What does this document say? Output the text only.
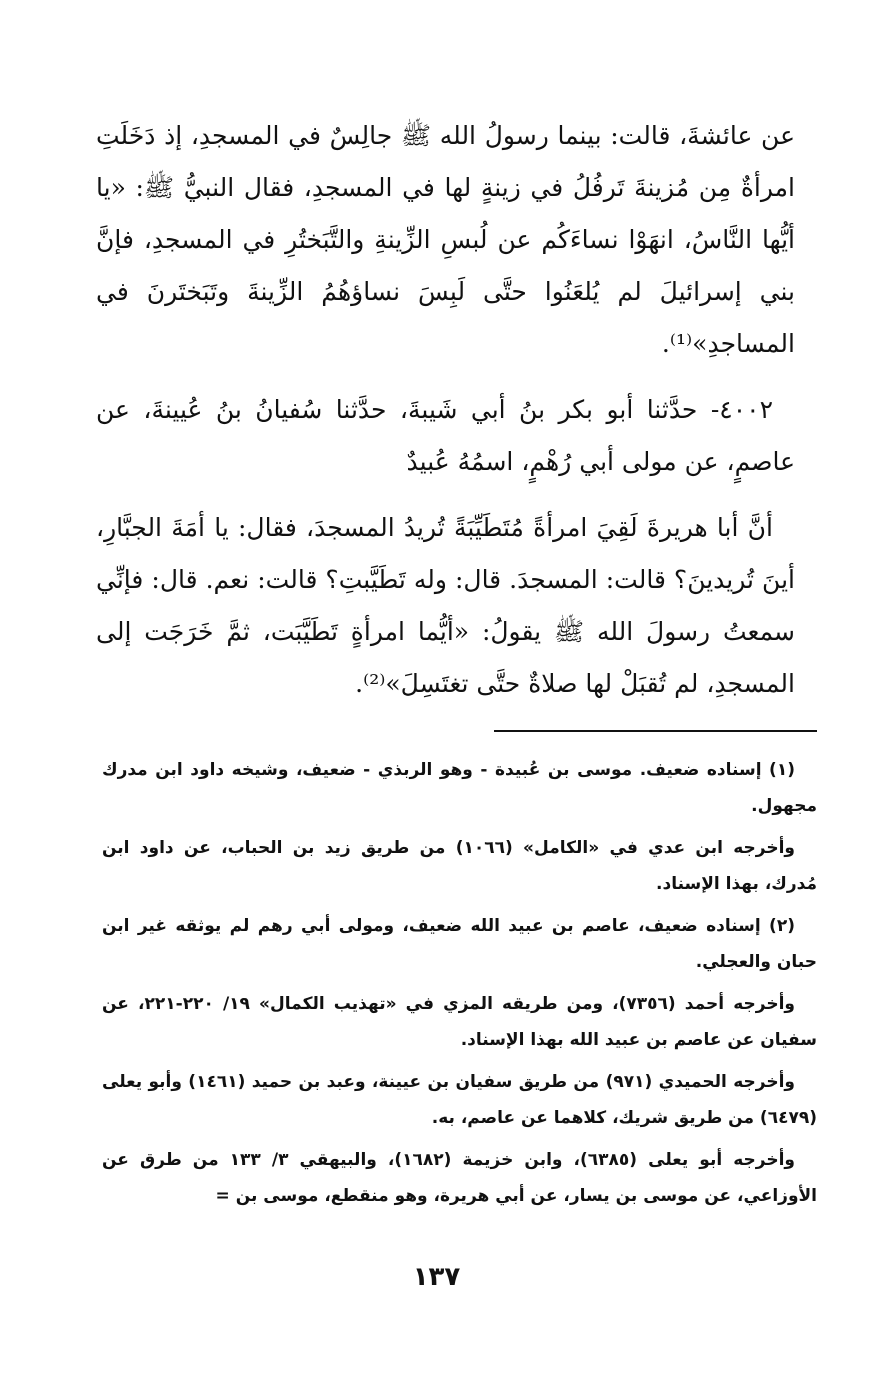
عن عائشةَ، قالت: بينما رسولُ الله ﷺ جالِسٌ في المسجدِ، إذ دَخَلَتِ امرأةٌ مِن مُزينةَ تَرفُلُ في زينةٍ لها في المسجدِ، فقال النبيُّ ﷺ: «يا أيُّها النَّاسُ، انهَوْا نساءَكُم عن لُبسِ الزِّينةِ والتَّبَختُرِ في المسجدِ، فإنَّ بني إسرائيلَ لم يُلعَنُوا حتَّى لَبِسَ نساؤهُمُ الزِّينةَ وتَبَختَرنَ في المساجدِ»⁽¹⁾.

٤٠٠٢- حدَّثنا أبو بكر بنُ أبي شَيبةَ، حدَّثنا سُفيانُ بنُ عُيينةَ، عن عاصمٍ، عن مولى أبي رُهْمٍ، اسمُهُ عُبيدٌ

أنَّ أبا هريرةَ لَقِيَ امرأةً مُتَطَيِّبَةً تُريدُ المسجدَ، فقال: يا أمَةَ الجبَّارِ، أينَ تُريدينَ؟ قالت: المسجدَ. قال: وله تَطَيَّبتِ؟ قالت: نعم. قال: فإنِّي سمعتُ رسولَ الله ﷺ يقولُ: «أيُّما امرأةٍ تَطَيَّبَت، ثمَّ خَرَجَت إلى المسجدِ، لم تُقبَلْ لها صلاةٌ حتَّى تغتَسِلَ»⁽²⁾.

(١) إسناده ضعيف. موسى بن عُبيدة - وهو الربذي - ضعيف، وشيخه داود ابن مدرك مجهول.

وأخرجه ابن عدي في «الكامل» (١٠٦٦) من طريق زيد بن الحباب، عن داود ابن مُدرك، بهذا الإسناد.

(٢) إسناده ضعيف، عاصم بن عبيد الله ضعيف، ومولى أبي رهم لم يوثقه غير ابن حبان والعجلي.

وأخرجه أحمد (٧٣٥٦)، ومن طريقه المزي في «تهذيب الكمال» ١٩/ ٢٢٠-٢٢١، عن سفيان عن عاصم بن عبيد الله بهذا الإسناد.

وأخرجه الحميدي (٩٧١) من طريق سفيان بن عيينة، وعبد بن حميد (١٤٦١) وأبو يعلى (٦٤٧٩) من طريق شريك، كلاهما عن عاصم، به.

وأخرجه أبو يعلى (٦٣٨٥)، وابن خزيمة (١٦٨٢)، والبيهقي ٣/ ١٣٣ من طرق عن الأوزاعي، عن موسى بن يسار، عن أبي هريرة، وهو منقطع، موسى بن =

١٣٧
